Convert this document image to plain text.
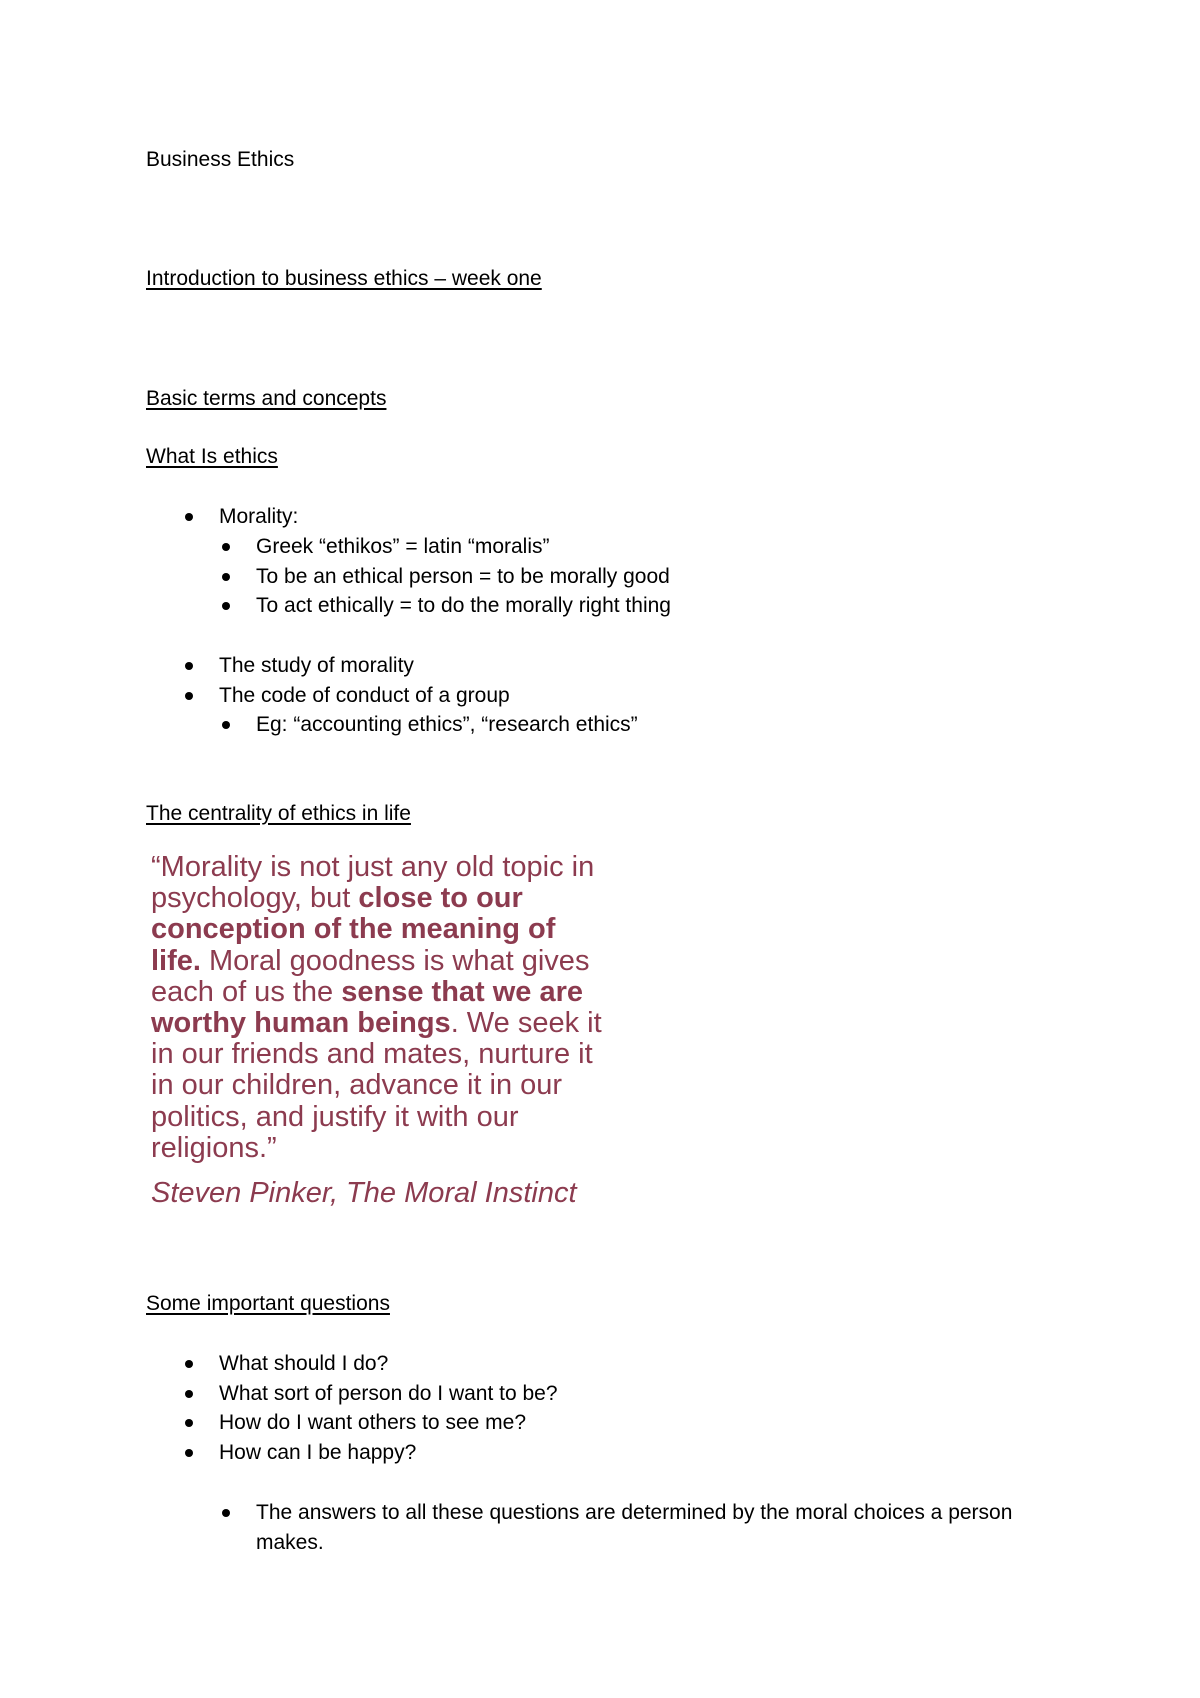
Business Ethics
Introduction to business ethics – week one
Basic terms and concepts
What Is ethics
Morality:
Greek “ethikos” = latin “moralis”
To be an ethical person = to be morally good
To act ethically = to do the morally right thing
The study of morality
The code of conduct of a group
Eg: “accounting ethics”, “research ethics”
The centrality of ethics in life
“Morality is not just any old topic in psychology, but close to our conception of the meaning of life. Moral goodness is what gives each of us the sense that we are worthy human beings. We seek it in our friends and mates, nurture it in our children, advance it in our politics, and justify it with our religions.”
Steven Pinker, The Moral Instinct
Some important questions
What should I do?
What sort of person do I want to be?
How do I want others to see me?
How can I be happy?
The answers to all these questions are determined by the moral choices a person makes.
